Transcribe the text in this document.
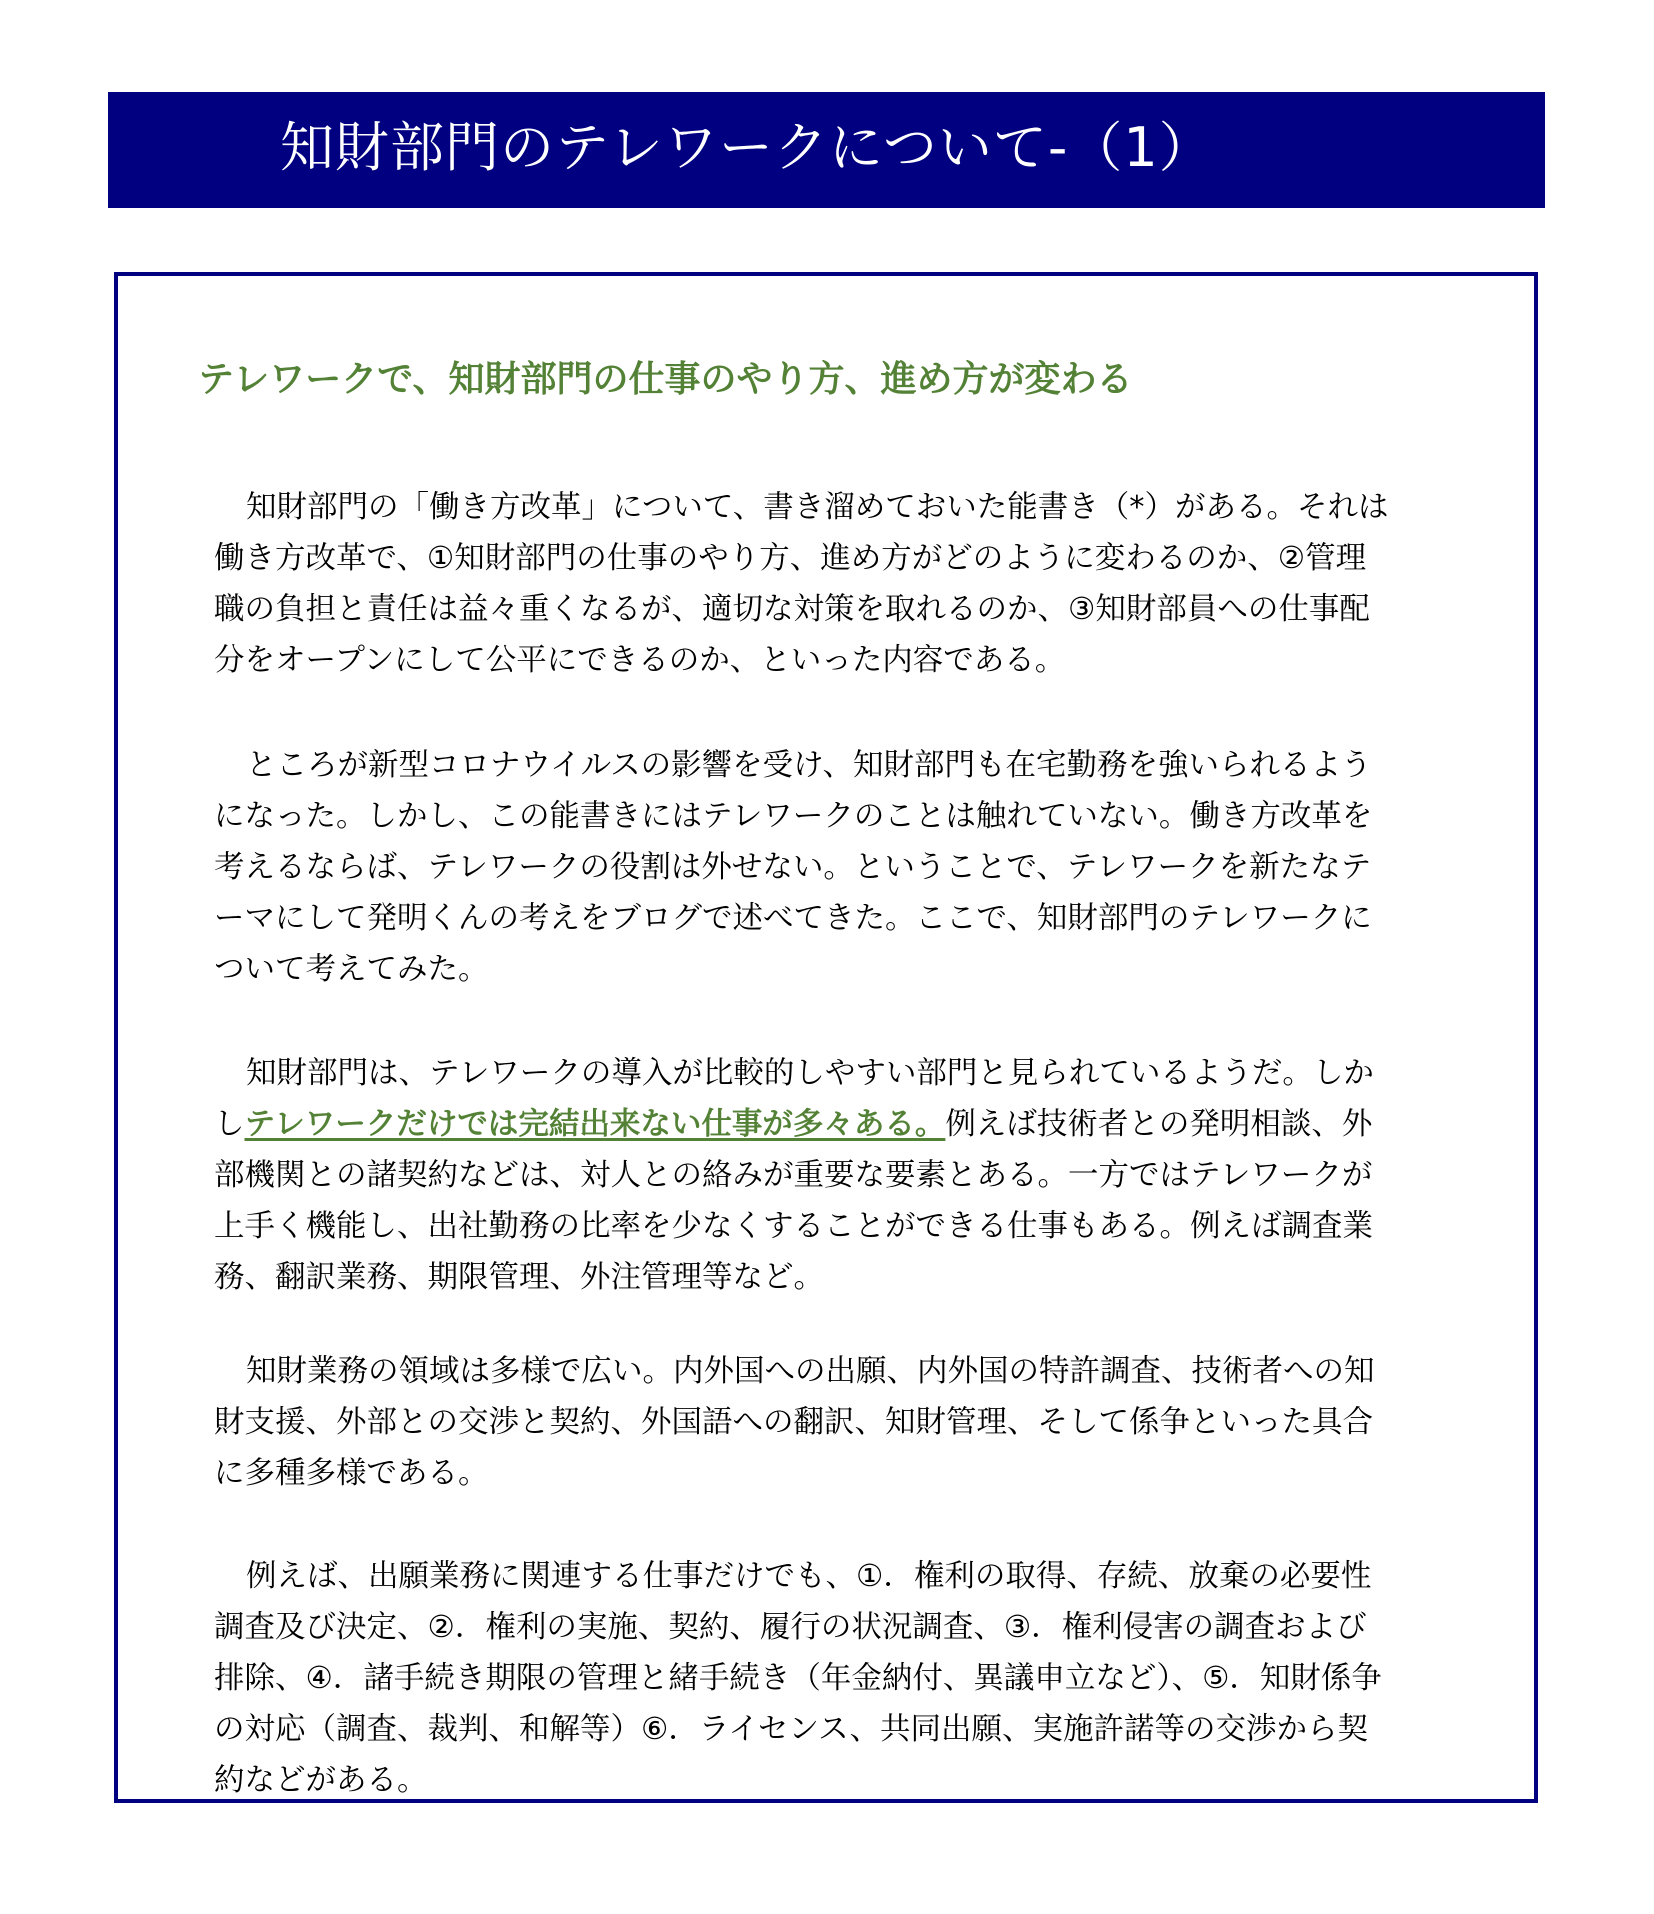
知財部門のテレワークについて-（1）
テレワークで、知財部門の仕事のやり方、進め方が変わる

知財部門の「働き方改革」について、書き溜めておいた能書き（*）がある。それは働き方改革で、①知財部門の仕事のやり方、進め方がどのように変わるのか、②管理職の負担と責任は益々重くなるが、適切な対策を取れるのか、③知財部員への仕事配分をオープンにして公平にできるのか、といった内容である。

ところが新型コロナウイルスの影響を受け、知財部門も在宅勤務を強いられるようになった。しかし、この能書きにはテレワークのことは触れていない。働き方改革を考えるならば、テレワークの役割は外せない。ということで、テレワークを新たなテーマにして発明くんの考えをブログで述べてきた。ここで、知財部門のテレワークについて考えてみた。

知財部門は、テレワークの導入が比較的しやすい部門と見られているようだ。しかしテレワークだけでは完結出来ない仕事が多々ある。例えば技術者との発明相談、外部機関との諸契約などは、対人との絡みが重要な要素とある。一方ではテレワークが上手く機能し、出社勤務の比率を少なくすることができる仕事もある。例えば調査業務、翻訳業務、期限管理、外注管理等など。

知財業務の領域は多様で広い。内外国への出願、内外国の特許調査、技術者への知財支援、外部との交渉と契約、外国語への翻訳、知財管理、そして係争といった具合に多種多様である。

例えば、出願業務に関連する仕事だけでも、①．権利の取得、存続、放棄の必要性調査及び決定、②．権利の実施、契約、履行の状況調査、③．権利侵害の調査および排除、④．諸手続き期限の管理と緒手続き（年金納付、異議申立など）、⑤．知財係争の対応（調査、裁判、和解等）⑥．ライセンス、共同出願、実施許諾等の交渉から契約などがある。
